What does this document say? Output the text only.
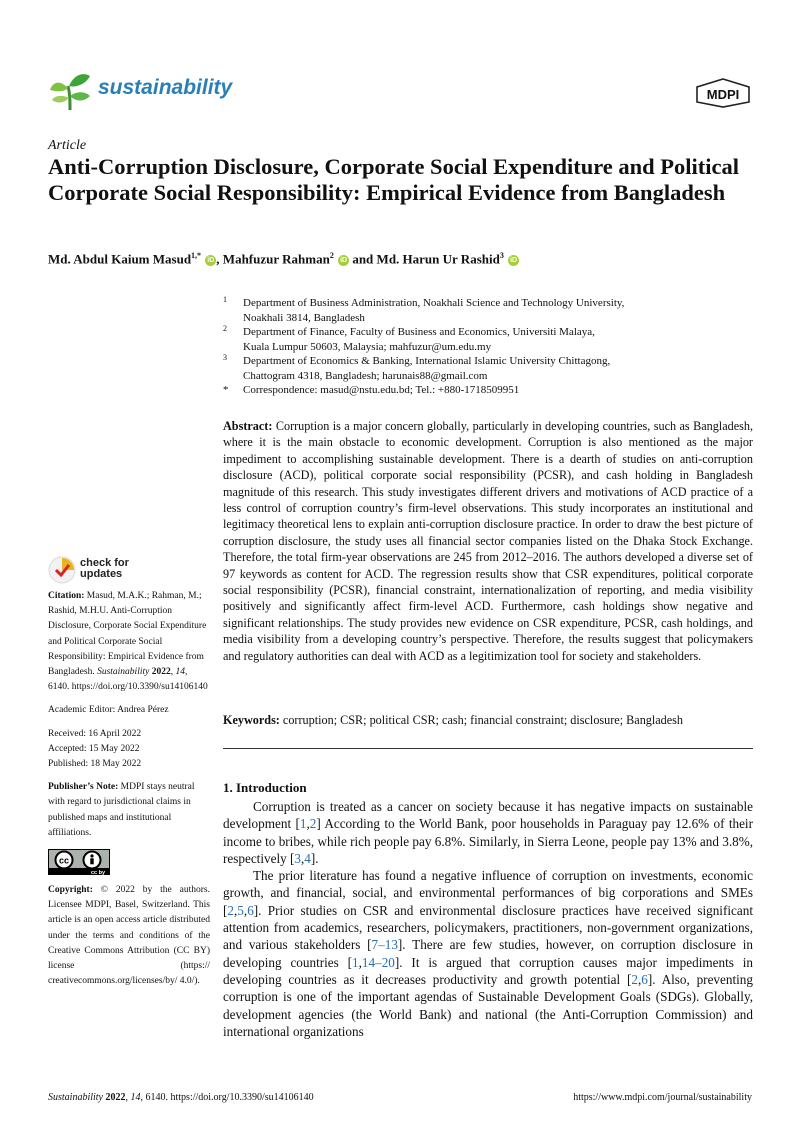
sustainability	MDPI
Article
Anti-Corruption Disclosure, Corporate Social Expenditure and Political Corporate Social Responsibility: Empirical Evidence from Bangladesh
Md. Abdul Kaium Masud$^{1,*}$ iD , Mahfuzur Rahman$^2$ iD and Md. Harun Ur Rashid$^3$ iD
1 Department of Business Administration, Noakhali Science and Technology University,
Noakhali 3814, Bangladesh
2 Department of Finance, Faculty of Business and Economics, Universiti Malaya,
Kuala Lumpur 50603, Malaysia; mahfuzur@um.edu.my
3 Department of Economics & Banking, International Islamic University Chittagong,
Chattogram 4318, Bangladesh; harunais88@gmail.com
* Correspondence: masud@nstu.edu.bd; Tel.: +880-1718509951
Abstract: Corruption is a major concern globally, particularly in developing countries, such as Bangladesh, where it is the main obstacle to economic development. Corruption is also mentioned as the major impediment to accomplishing sustainable development. There is a dearth of studies on anti-corruption disclosure (ACD), political corporate social responsibility (PCSR), and cash holding in Bangladesh magnitude of this research. This study investigates different drivers and motivations of ACD practice of a less control of corruption country’s firm-level observations. This study incorporates an institutional and legitimacy theoretical lens to explain anti-corruption disclosure practice. In order to draw the best picture of corruption disclosure, the study uses all financial sector companies listed on the Dhaka Stock Exchange. Therefore, the total firm-year observations are 245 from 2012–2016. The authors developed a diverse set of 97 keywords as content for ACD. The regression results show that CSR expenditures, political corporate social responsibility (PCSR), financial constraint, internationalization of reporting, and media visibility positively and significantly affect firm-level ACD. Furthermore, cash holdings show negative and significant relationships. The study provides new evidence on CSR expenditure, PCSR, cash holdings, and media visibility from a developing country’s perspective. Therefore, the results suggest that policymakers and regulatory authorities can deal with ACD as a legitimization tool for society and stakeholders.
Keywords: corruption; CSR; political CSR; cash; financial constraint; disclosure; Bangladesh
check for
updates

Citation: Masud, M.A.K.; Rahman, M.; Rashid, M.H.U. Anti-Corruption Disclosure, Corporate Social Expenditure and Political Corporate Social Responsibility: Empirical Evidence from Bangladesh. Sustainability 2022, 14, 6140. https://doi.org/10.3390/su14106140

Academic Editor: Andrea Pérez

Received: 16 April 2022
Accepted: 15 May 2022
Published: 18 May 2022

Publisher’s Note: MDPI stays neutral with regard to jurisdictional claims in published maps and institutional affiliations.

cc
cc by

Copyright: © 2022 by the authors. Licensee MDPI, Basel, Switzerland. This article is an open access article distributed under the terms and conditions of the Creative Commons Attribution (CC BY) license (https:// creativecommons.org/licenses/by/ 4.0/).

1. Introduction

Corruption is treated as a cancer on society because it has negative impacts on sustainable development [1,2] According to the World Bank, poor households in Paraguay pay 12.6% of their income to bribes, while rich people pay 6.8%. Similarly, in Sierra Leone, people pay 13% and 3.8%, respectively [3,4].

The prior literature has found a negative influence of corruption on investments, economic growth, and financial, social, and environmental performances of big corporations and SMEs [2,5,6]. Prior studies on CSR and environmental disclosure practices have received significant attention from academics, researchers, policymakers, practitioners, non-government organizations, and various stakeholders [7–13]. There are few studies, however, on corruption disclosure in developing countries [1,14–20]. It is argued that corruption causes major impediments in developing countries as it decreases productivity and growth potential [2,6]. Also, preventing corruption is one of the important agendas of Sustainable Development Goals (SDGs). Globally, development agencies (the World Bank) and national (the Anti-Corruption Commission) and international organizations

Sustainability 2022, 14, 6140. https://doi.org/10.3390/su14106140	https://www.mdpi.com/journal/sustainability
